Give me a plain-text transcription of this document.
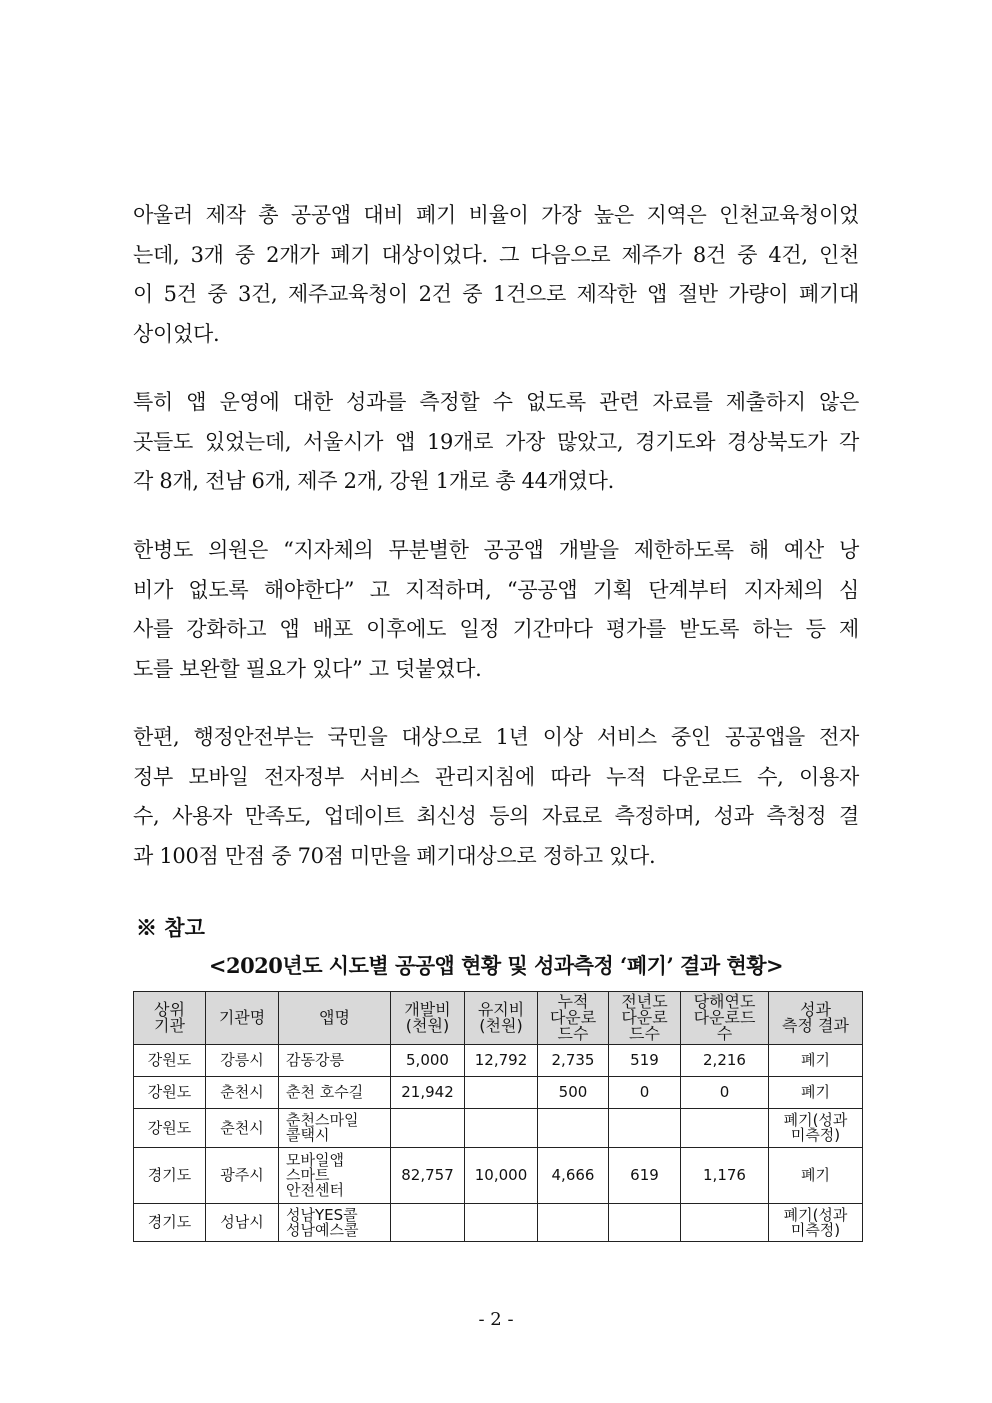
아울러 제작 총 공공앱 대비 폐기 비율이 가장 높은 지역은 인천교육청이었
는데, 3개 중 2개가 폐기 대상이었다. 그 다음으로 제주가 8건 중 4건, 인천
이 5건 중 3건, 제주교육청이 2건 중 1건으로 제작한 앱 절반 가량이 폐기대
상이었다.
특히 앱 운영에 대한 성과를 측정할 수 없도록 관련 자료를 제출하지 않은
곳들도 있었는데, 서울시가 앱 19개로 가장 많았고, 경기도와 경상북도가 각
각 8개, 전남 6개, 제주 2개, 강원 1개로 총 44개였다.
한병도 의원은 “지자체의 무분별한 공공앱 개발을 제한하도록 해 예산 낭
비가 없도록 해야한다” 고 지적하며, “공공앱 기획 단계부터 지자체의 심
사를 강화하고 앱 배포 이후에도 일정 기간마다 평가를 받도록 하는 등 제
도를 보완할 필요가 있다” 고 덧붙였다.
한편, 행정안전부는 국민을 대상으로 1년 이상 서비스 중인 공공앱을 전자
정부 모바일 전자정부 서비스 관리지침에 따라 누적 다운로드 수, 이용자
수, 사용자 만족도, 업데이트 최신성 등의 자료로 측정하며, 성과 측청정 결
과 100점 만점 중 70점 미만을 폐기대상으로 정하고 있다.

※ 참고

<2020년도 시도별 공공앱 현황 및 성과측정 ‘폐기’ 결과 현황>

상위
기관	기관명	앱명	개발비
(천원)	유지비
(천원)	누적
다운로
드수	전년도
다운로
드수	당해연도
다운로드
수	성과
측정 결과

강원도	강릉시	감동강릉	5,000	12,792	2,735	519	2,216	폐기

강원도	춘천시	춘천 호수길	21,942		500	0	0	폐기

강원도	춘천시	춘천스마일
콜택시						폐기(성과
미측정)

경기도	광주시	모바일앱
스마트
안전센터	82,757	10,000	4,666	619	1,176	폐기

경기도	성남시	성남YES콜
성남예스콜						폐기(성과
미측정)

- 2 -
